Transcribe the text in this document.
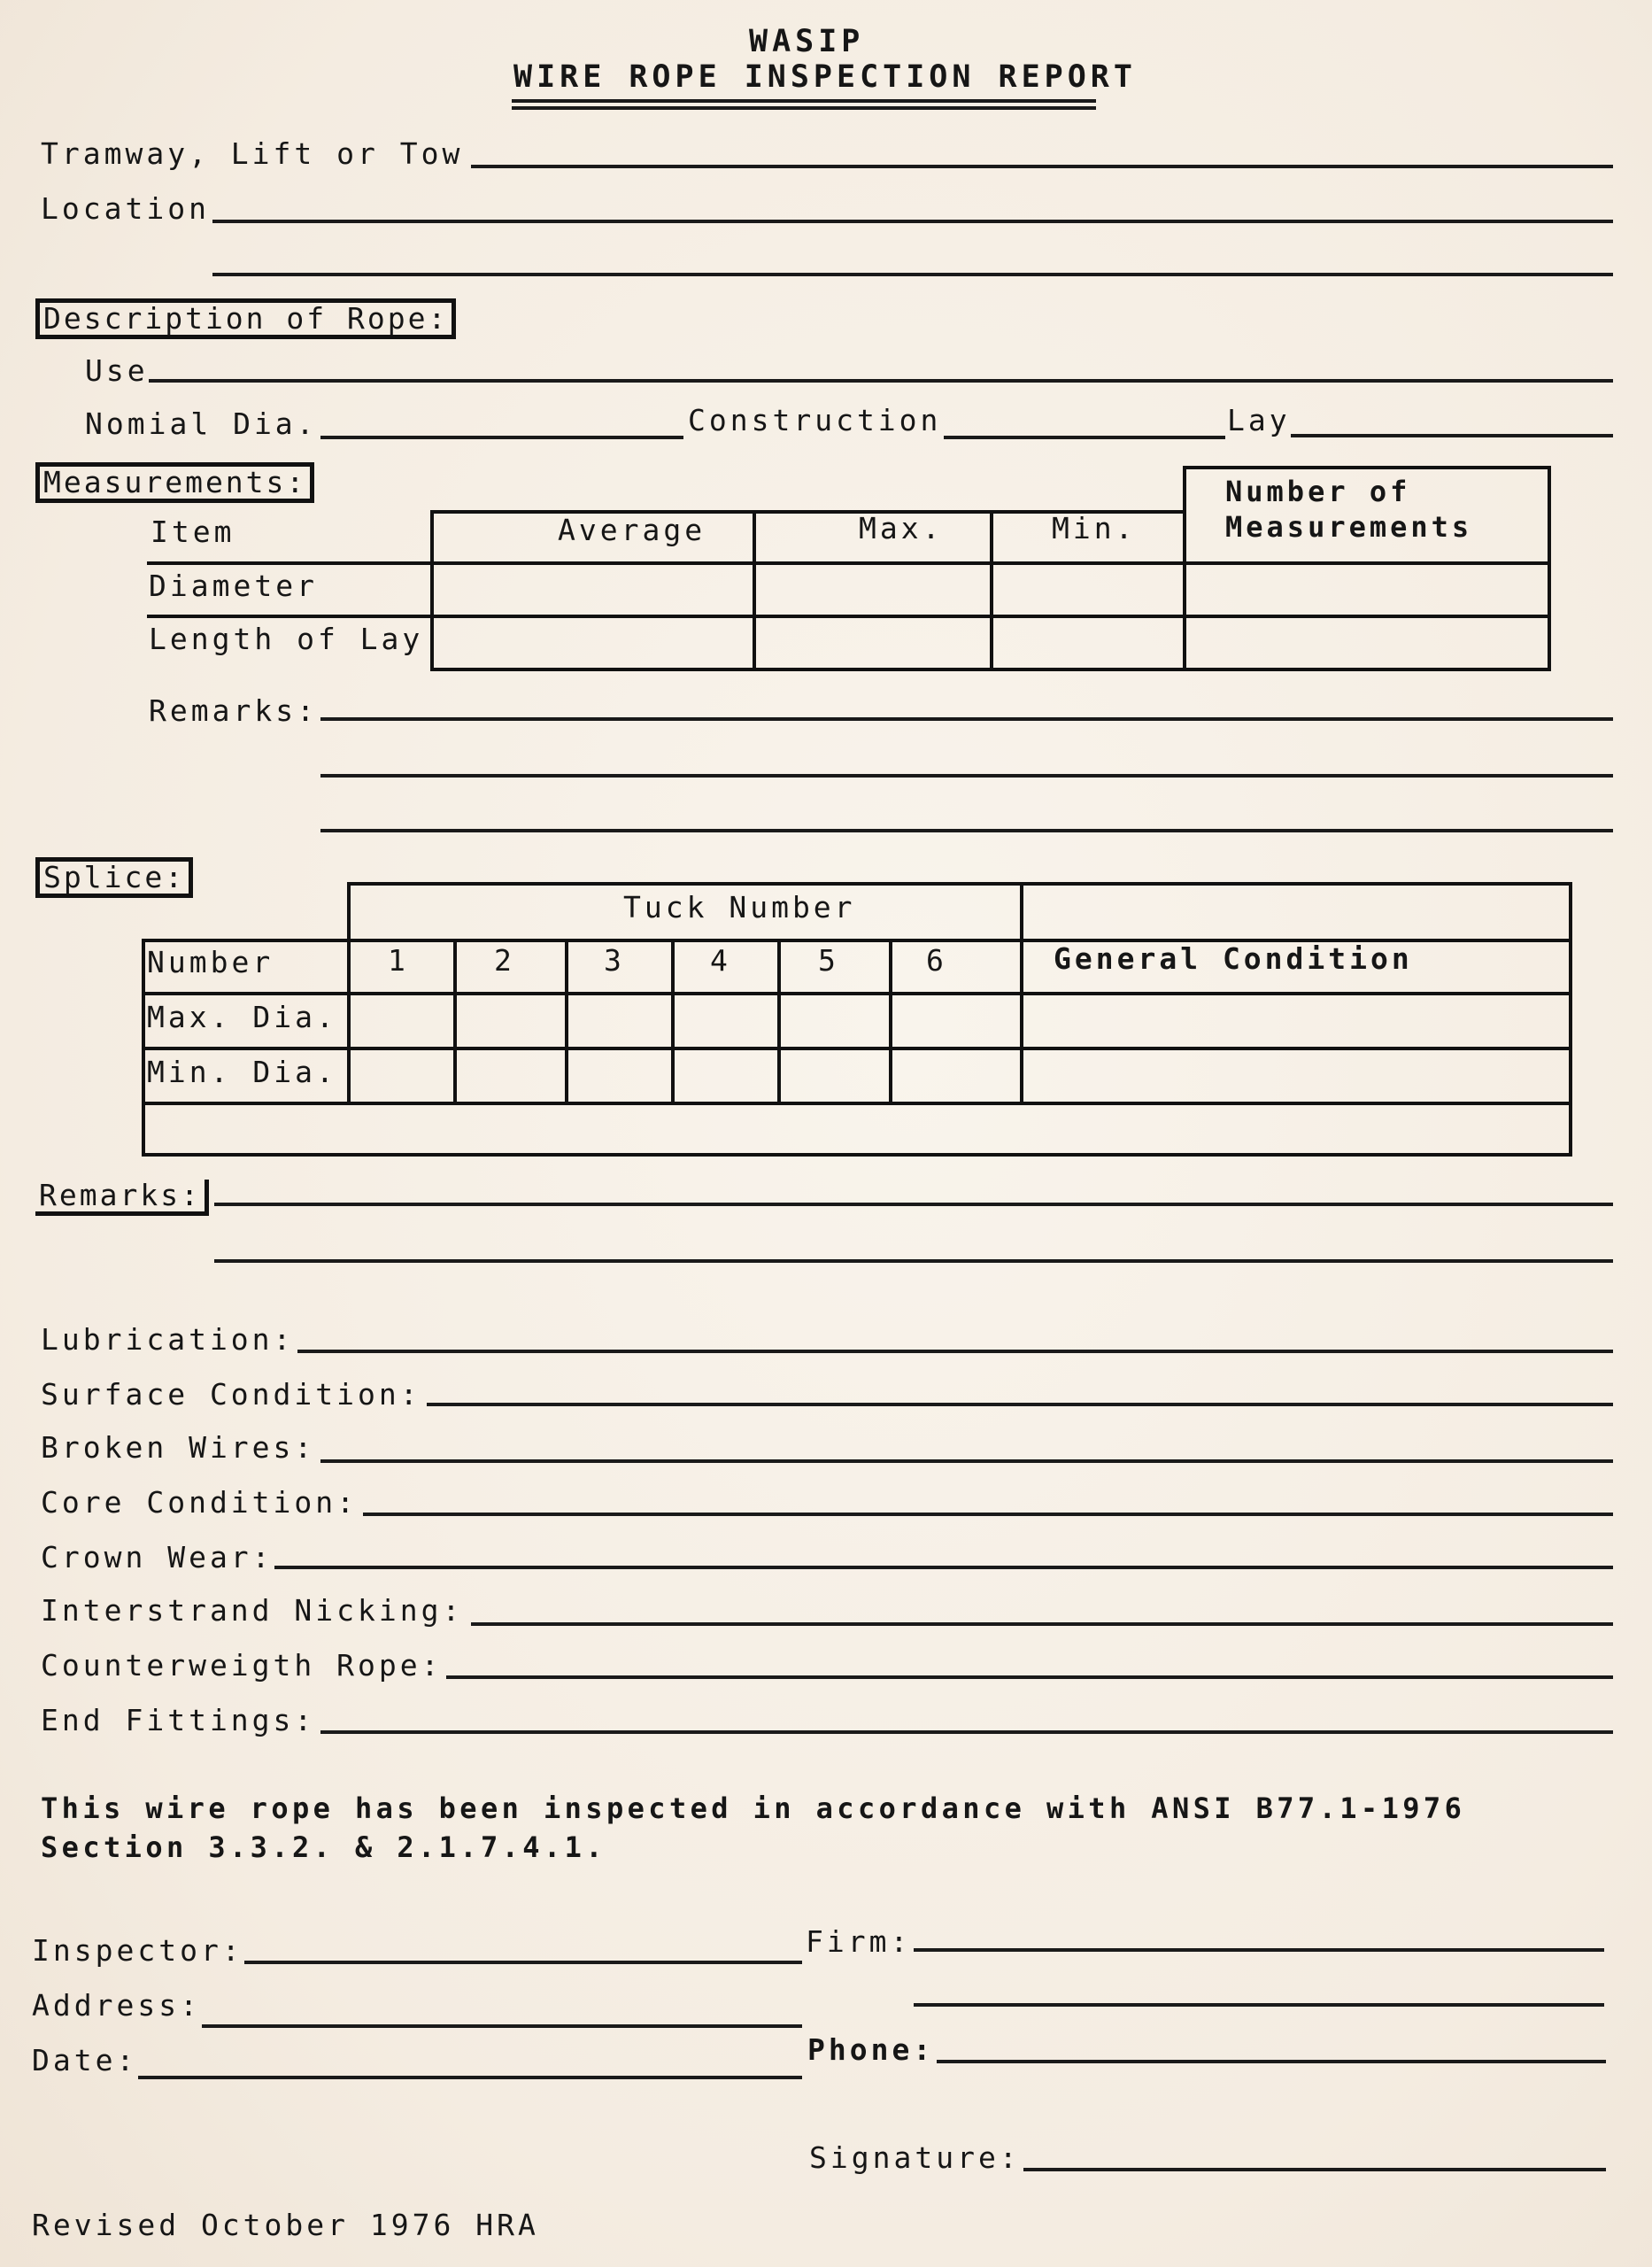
WASIP
WIRE ROPE INSPECTION REPORT
Tramway, Lift or Tow
Location
Description of Rope:
Use
Nomial Dia.	Construction	Lay
Measurements:
Item	Average	Max.	Min.
Number of
Measurements
Diameter
Length of Lay
Remarks:
Splice:
Tuck Number
Number	1	2	3	4	5	6	General Condition
Max. Dia.
Min. Dia.
Remarks:
Lubrication:
Surface Condition:
Broken Wires:
Core Condition:
Crown Wear:
Interstrand Nicking:
Counterweigth Rope:
End Fittings:
This wire rope has been inspected in accordance with ANSI B77.1-1976
Section 3.3.2. & 2.1.7.4.1.
Inspector:	Firm:
Address:
Date:	Phone:
Signature:
Revised October 1976 HRA
